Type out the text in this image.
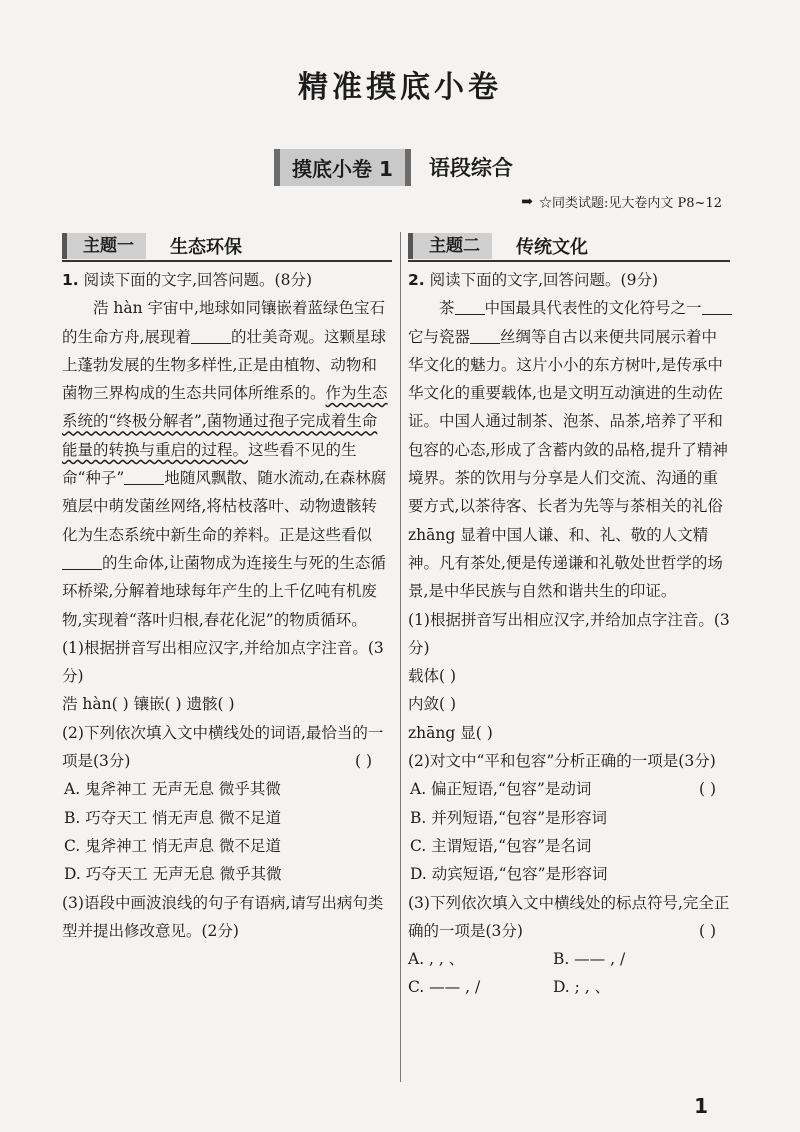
精准摸底小卷
摸底小卷 1	语段综合
➡ ☆同类试题:见大卷内文 P8~12
主题一	生态环保	主题二	传统文化

1. 阅读下面的文字,回答问题。(8分)

浩 hàn 宇宙中,地球如同镶嵌着蓝绿色宝石的生命方舟,展现着	的壮美奇观。这颗星球上蓬勃发展的生物多样性,正是由植物、动物和菌物三界构成的生态共同体所维系的。作为生态系统的“终极分解者”,菌物通过孢子完成着生命能量的转换与重启的过程。这些看不见的生命“种子”	地随风飘散、随水流动,在森林腐殖层中萌发菌丝网络,将枯枝落叶、动物遗骸转化为生态系统中新生命的养料。正是这些看似的生命体,让菌物成为连接生与死的生态循环桥梁,分解着地球每年产生的上千亿吨有机废物,实现着“落叶归根,春花化泥”的物质循环。

(1)根据拼音写出相应汉字,并给加点字注音。(3分)

浩 hàn( ) 镶嵌( ) 遗骸( )

(2)下列依次填入文中横线处的词语,最恰当的一项是(3分)	( )

A. 鬼斧神工 无声无息 微乎其微

B. 巧夺天工 悄无声息 微不足道

C. 鬼斧神工 悄无声息 微不足道

D. 巧夺天工 无声无息 微乎其微

(3)语段中画波浪线的句子有语病,请写出病句类型并提出修改意见。(2分)

2. 阅读下面的文字,回答问题。(9分)

茶 中国最具代表性的文化符号之一它与瓷器 丝绸等自古以来便共同展示着中华文化的魅力。这片小小的东方树叶,是传承中华文化的重要载体,也是文明互动演进的生动佐证。中国人通过制茶、泡茶、品茶,培养了平和包容的心态,形成了含蓄内敛的品格,提升了精神境界。茶的饮用与分享是人们交流、沟通的重要方式,以茶待客、长者为先等与茶相关的礼俗 zhāng 显着中国人谦、和、礼、敬的人文精神。凡有茶处,便是传递谦和礼敬处世哲学的场景,是中华民族与自然和谐共生的印证。

(1)根据拼音写出相应汉字,并给加点字注音。(3分)

载体( )

内敛( )

zhāng 显( )

(2)对文中“平和包容”分析正确的一项是(3分)
( )

A. 偏正短语,“包容”是动词

B. 并列短语,“包容”是形容词

C. 主谓短语,“包容”是名词

D. 动宾短语,“包容”是形容词

(3)下列依次填入文中横线处的标点符号,完全正确的一项是(3分)	( )

A. , , 、	B. —— , /

C. —— , /	D. ; , 、

1
